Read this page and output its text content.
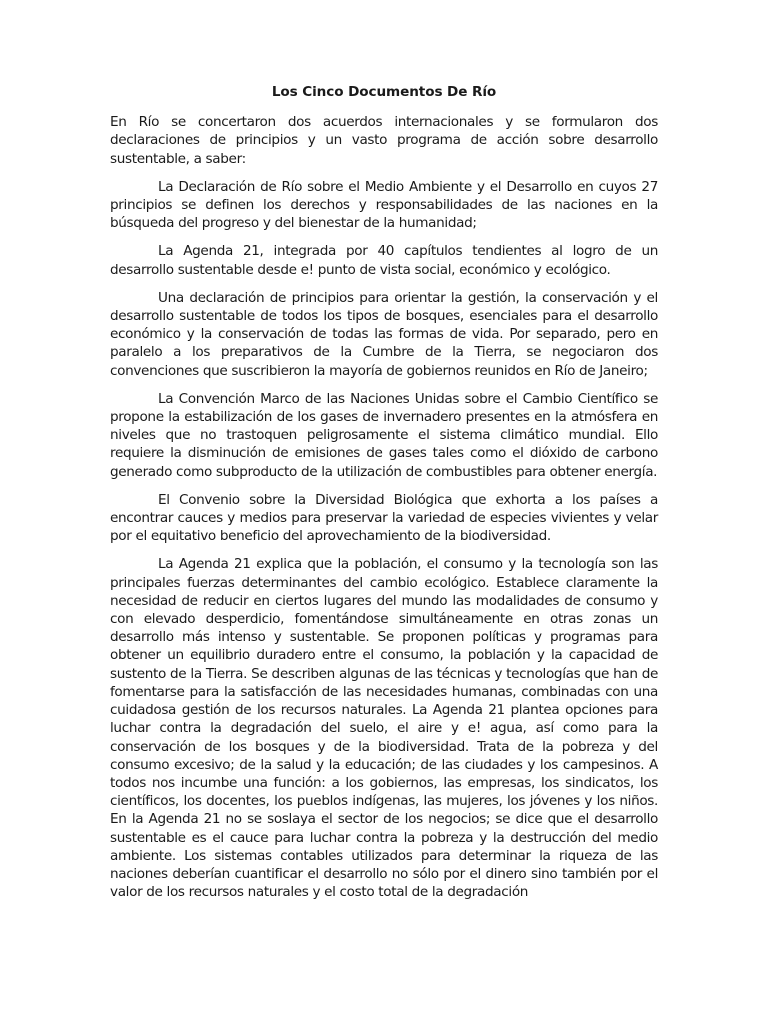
Los Cinco Documentos De Río
En Río se concertaron dos acuerdos internacionales y se formularon dos declaraciones de principios y un vasto programa de acción sobre desarrollo sustentable, a saber:
La Declaración de Río sobre el Medio Ambiente y el Desarrollo en cuyos 27 principios se definen los derechos y responsabilidades de las naciones en la búsqueda del progreso y del bienestar de la humanidad;
La Agenda 21, integrada por 40 capítulos tendientes al logro de un desarrollo sustentable desde e! punto de vista social, económico y ecológico.
Una declaración de principios para orientar la gestión, la conservación y el desarrollo sustentable de todos los tipos de bosques, esenciales para el desarrollo económico y la conservación de todas las formas de vida. Por separado, pero en paralelo a los preparativos de la Cumbre de la Tierra, se negociaron dos convenciones que suscribieron la mayoría de gobiernos reunidos en Río de Janeiro;
La Convención Marco de las Naciones Unidas sobre el Cambio Científico se propone la estabilización de los gases de invernadero presentes en la atmósfera en niveles que no trastoquen peligrosamente el sistema climático mundial. Ello requiere la disminución de emisiones de gases tales como el dióxido de carbono generado como subproducto de la utilización de combustibles para obtener energía.
El Convenio sobre la Diversidad Biológica que exhorta a los países a encontrar cauces y medios para preservar la variedad de especies vivientes y velar por el equitativo beneficio del aprovechamiento de la biodiversidad.
La Agenda 21 explica que la población, el consumo y la tecnología son las principales fuerzas determinantes del cambio ecológico. Establece claramente la necesidad de reducir en ciertos lugares del mundo las modalidades de consumo y con elevado desperdicio, fomentándose simultáneamente en otras zonas un desarrollo más intenso y sustentable. Se proponen políticas y programas para obtener un equilibrio duradero entre el consumo, la población y la capacidad de sustento de la Tierra. Se describen algunas de las técnicas y tecnologías que han de fomentarse para la satisfacción de las necesidades humanas, combinadas con una cuidadosa gestión de los recursos naturales. La Agenda 21 plantea opciones para luchar contra la degradación del suelo, el aire y e! agua, así como para la conservación de los bosques y de la biodiversidad. Trata de la pobreza y del consumo excesivo; de la salud y la educación; de las ciudades y los campesinos. A todos nos incumbe una función: a los gobiernos, las empresas, los sindicatos, los científicos, los docentes, los pueblos indígenas, las mujeres, los jóvenes y los niños. En la Agenda 21 no se soslaya el sector de los negocios; se dice que el desarrollo sustentable es el cauce para luchar contra la pobreza y la destrucción del medio ambiente. Los sistemas contables utilizados para determinar la riqueza de las naciones deberían cuantificar el desarrollo no sólo por el dinero sino también por el valor de los recursos naturales y el costo total de la degradación
